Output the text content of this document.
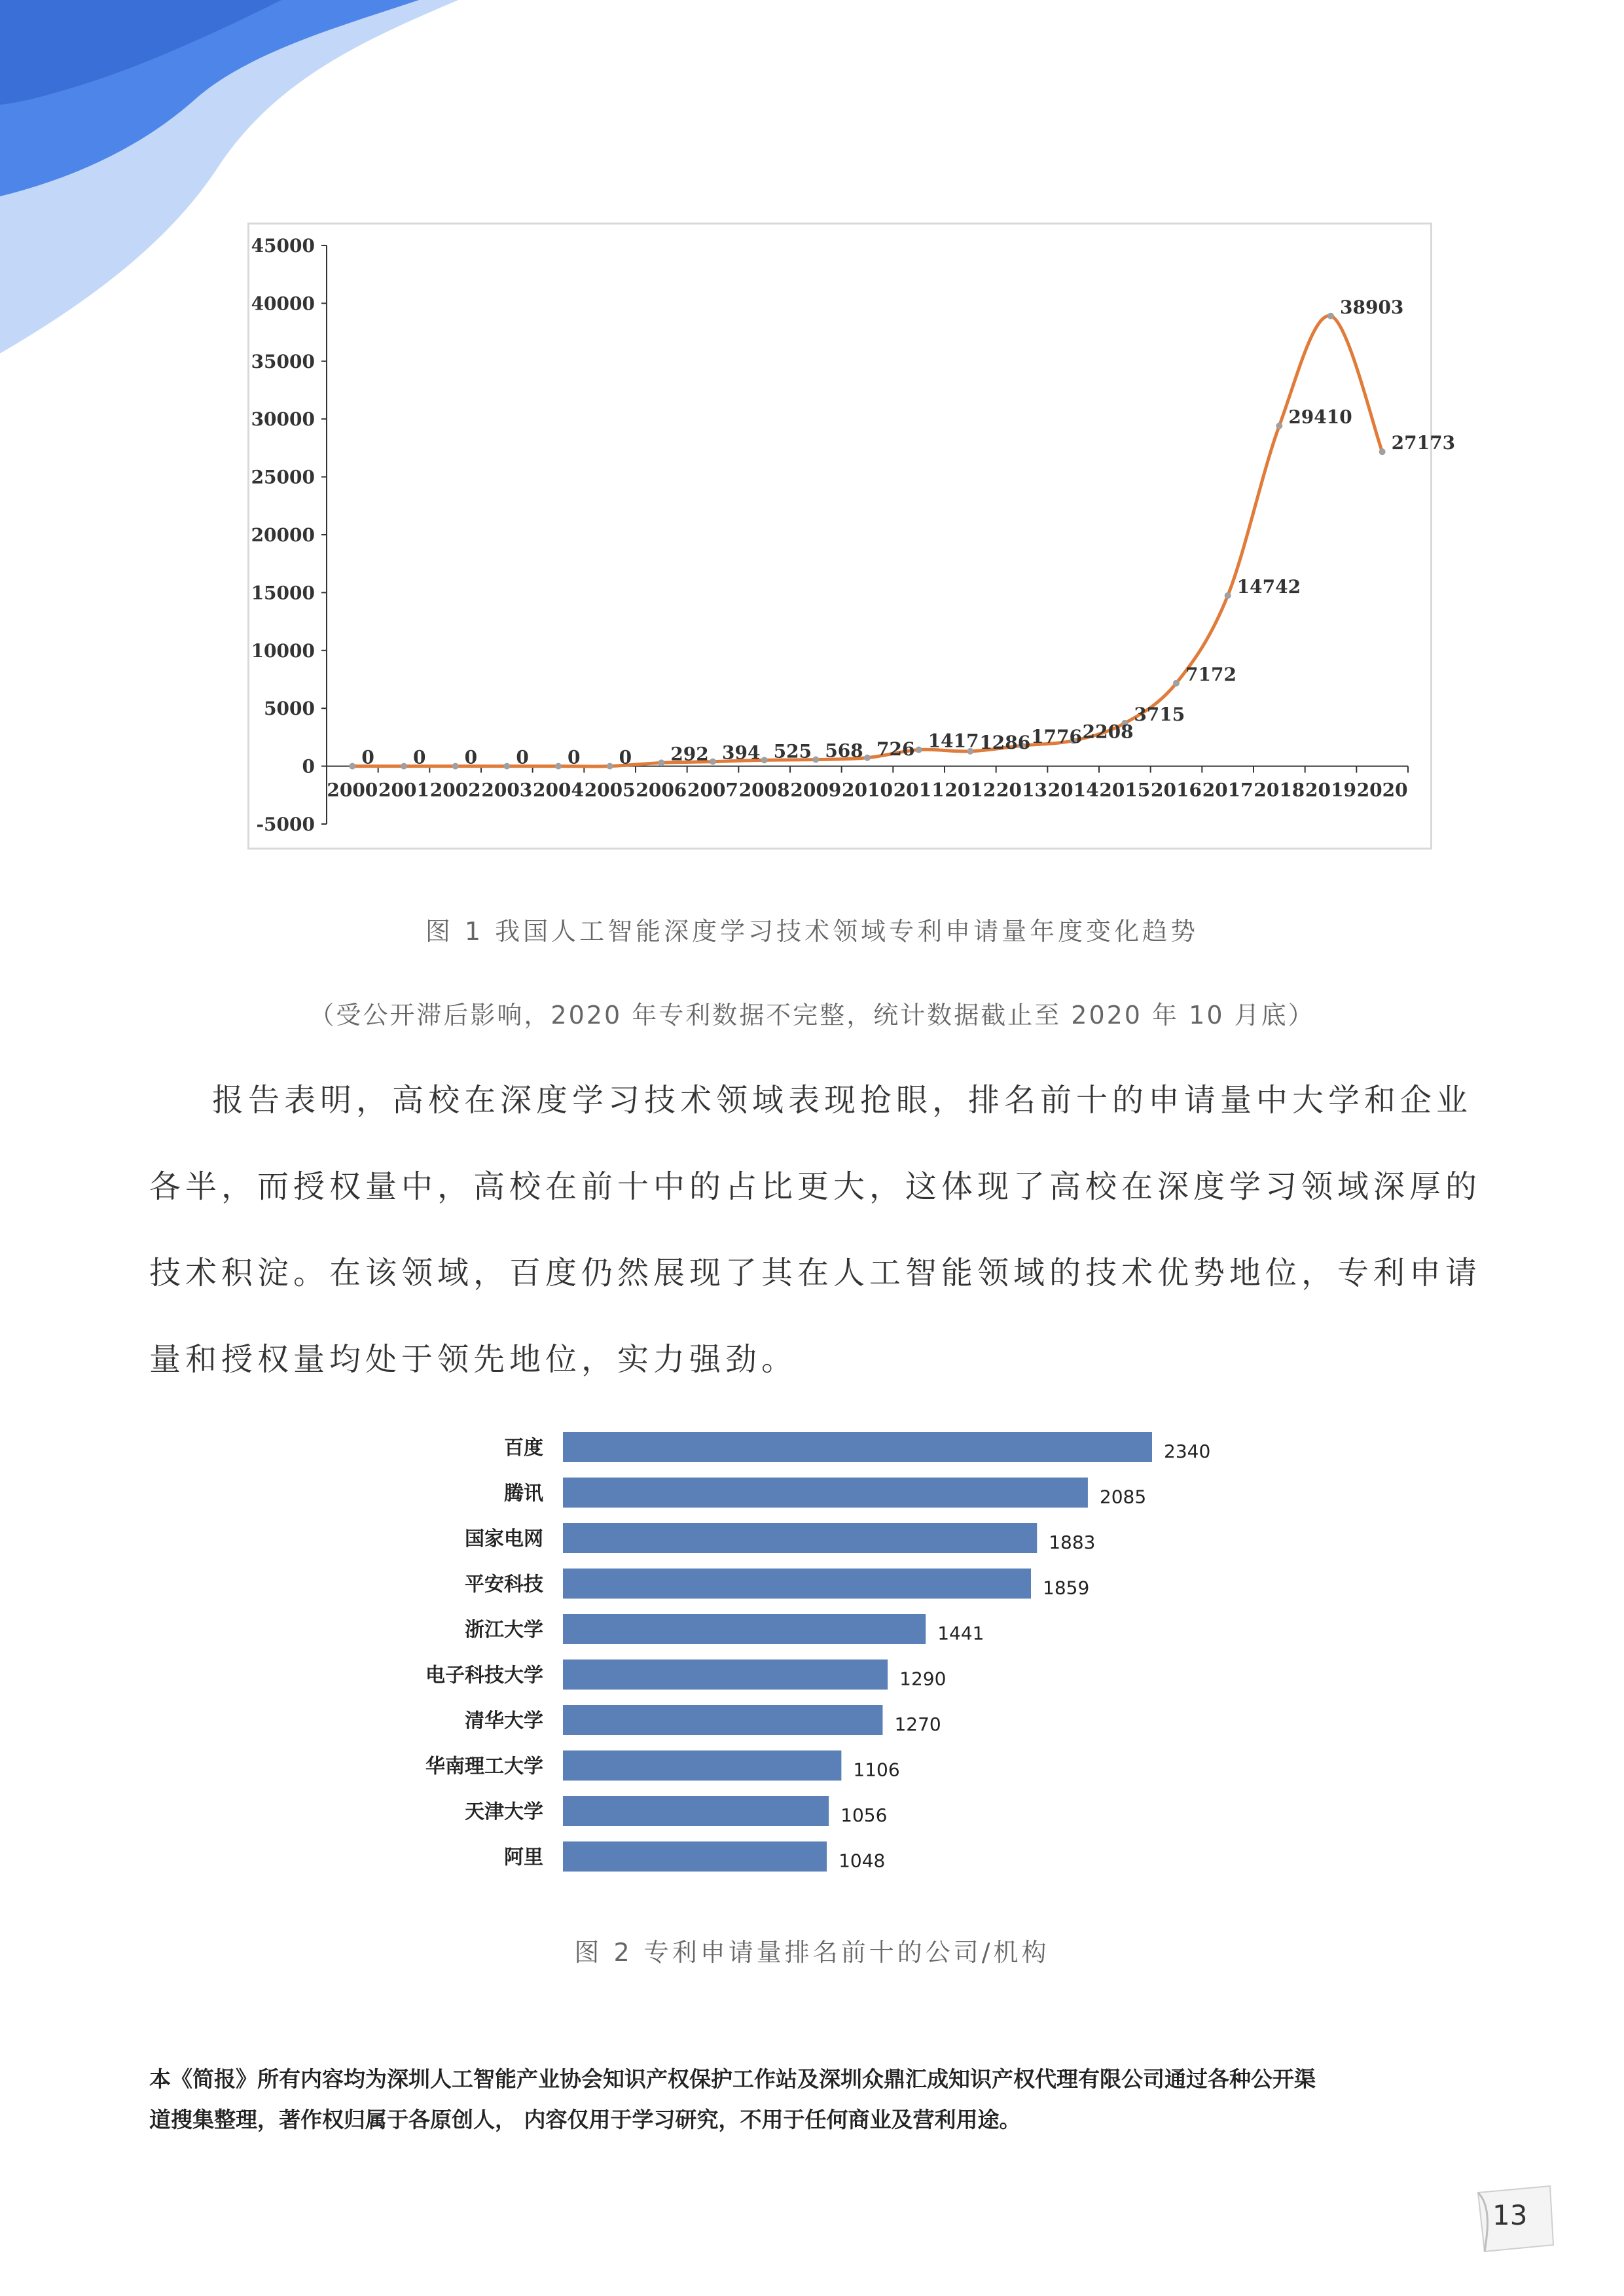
-5000
0
5000
10000
15000
20000
25000
30000
35000
40000
45000
2000 2001 2002 2003 2004 2005 2006 2007 2008 2009 2010 2011 2012 2013 2014 2015 2016 2017 2018 2019 2020
0 0 0 0 0 0 292 394 525 568 726 1417 1286 1776 2208
3715
7172
14742
29410
38903
27173
图 1 我国人工智能深度学习技术领域专利申请量年度变化趋势
（受公开滞后影响，2020 年专利数据不完整，统计数据截止至 2020 年 10 月底）

报告表明，高校在深度学习技术领域表现抢眼，排名前十的申请量中大学和企业各半，而授权量中，高校在前十中的占比更大，这体现了高校在深度学习领域深厚的技术积淀。在该领域，百度仍然展现了其在人工智能领域的技术优势地位，专利申请量和授权量均处于领先地位，实力强劲。

百度	2340
腾讯	2085
国家电网	1883
平安科技	1859
浙江大学	1441
电子科技大学	1290
清华大学	1270
华南理工大学	1106
天津大学	1056
阿里	1048
图 2 专利申请量排名前十的公司/机构

本《简报》所有内容均为深圳人工智能产业协会知识产权保护工作站及深圳众鼎汇成知识产权代理有限公司通过各种公开渠

道搜集整理，著作权归属于各原创人， 内容仅用于学习研究，不用于任何商业及营利用途。

13
